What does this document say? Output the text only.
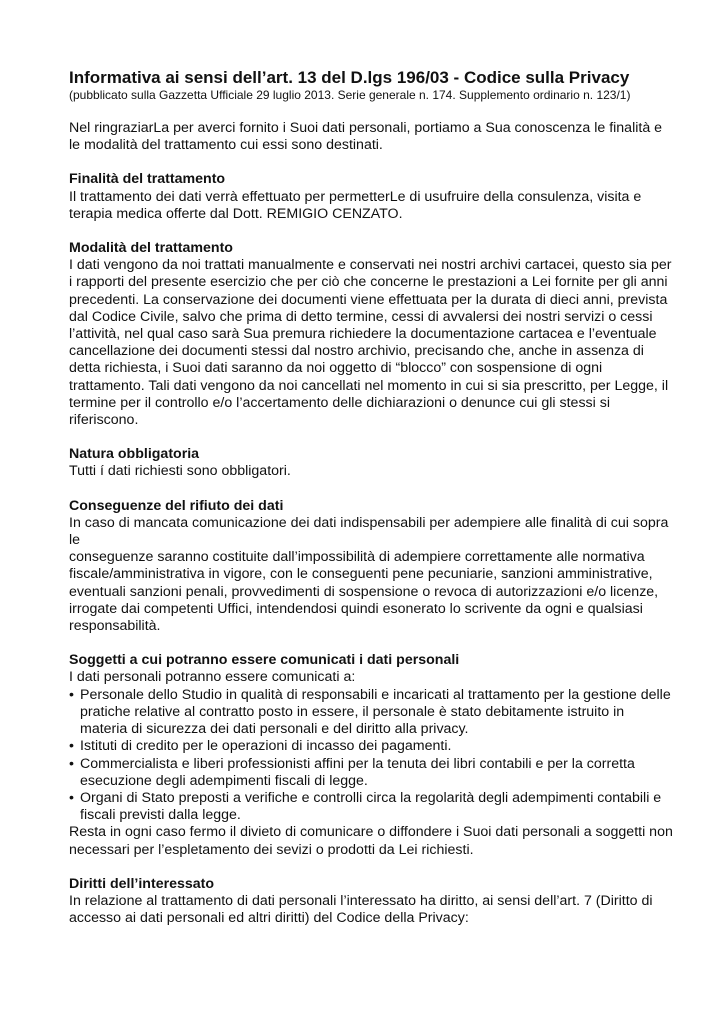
Informativa ai sensi dell’art. 13 del D.lgs 196/03 - Codice sulla Privacy

(pubblicato sulla Gazzetta Ufficiale 29 luglio 2013. Serie generale n. 174. Supplemento ordinario n. 123/1)

Nel ringraziarLa per averci fornito i Suoi dati personali, portiamo a Sua conoscenza le finalità e le modalità del trattamento cui essi sono destinati.

Finalità del trattamento

Il trattamento dei dati verrà effettuato per permetterLe di usufruire della consulenza, visita e terapia medica offerte dal Dott. REMIGIO CENZATO.

Modalità del trattamento

I dati vengono da noi trattati manualmente e conservati nei nostri archivi cartacei, questo sia per i rapporti del presente esercizio che per ciò che concerne le prestazioni a Lei fornite per gli anni precedenti. La conservazione dei documenti viene effettuata per la durata di dieci anni, prevista dal Codice Civile, salvo che prima di detto termine, cessi di avvalersi dei nostri servizi o cessi l’attività, nel qual caso sarà Sua premura richiedere la documentazione cartacea e l’eventuale cancellazione dei documenti stessi dal nostro archivio, precisando che, anche in assenza di detta richiesta, i Suoi dati saranno da noi oggetto di “blocco” con sospensione di ogni trattamento. Tali dati vengono da noi cancellati nel momento in cui si sia prescritto, per Legge, il termine per il controllo e/o l’accertamento delle dichiarazioni o denunce cui gli stessi si riferiscono.

Natura obbligatoria

Tutti í dati richiesti sono obbligatori.

Conseguenze del rifiuto dei dati

In caso di mancata comunicazione dei dati indispensabili per adempiere alle finalità di cui sopra le

conseguenze saranno costituite dall’impossibilità di adempiere correttamente alle normativa

fiscale/amministrativa in vigore, con le conseguenti pene pecuniarie, sanzioni amministrative, eventuali sanzioni penali, provvedimenti di sospensione o revoca di autorizzazioni e/o licenze, irrogate dai competenti Uffici, intendendosi quindi esonerato lo scrivente da ogni e qualsiasi responsabilità.

Soggetti a cui potranno essere comunicati i dati personali

I dati personali potranno essere comunicati a:

• Personale dello Studio in qualità di responsabili e incaricati al trattamento per la gestione delle pratiche relative al contratto posto in essere, il personale è stato debitamente istruito in materia di sicurezza dei dati personali e del diritto alla privacy.
• Istituti di credito per le operazioni di incasso dei pagamenti.
• Commercialista e liberi professionisti affini per la tenuta dei libri contabili e per la corretta esecuzione degli adempimenti fiscali di legge.
• Organi di Stato preposti a verifiche e controlli circa la regolarità degli adempimenti contabili e fiscali previsti dalla legge.

Resta in ogni caso fermo il divieto di comunicare o diffondere i Suoi dati personali a soggetti non necessari per l’espletamento dei sevizi o prodotti da Lei richiesti.

Diritti dell’interessato

In relazione al trattamento di dati personali l’interessato ha diritto, ai sensi dell’art. 7 (Diritto di accesso ai dati personali ed altri diritti) del Codice della Privacy:
